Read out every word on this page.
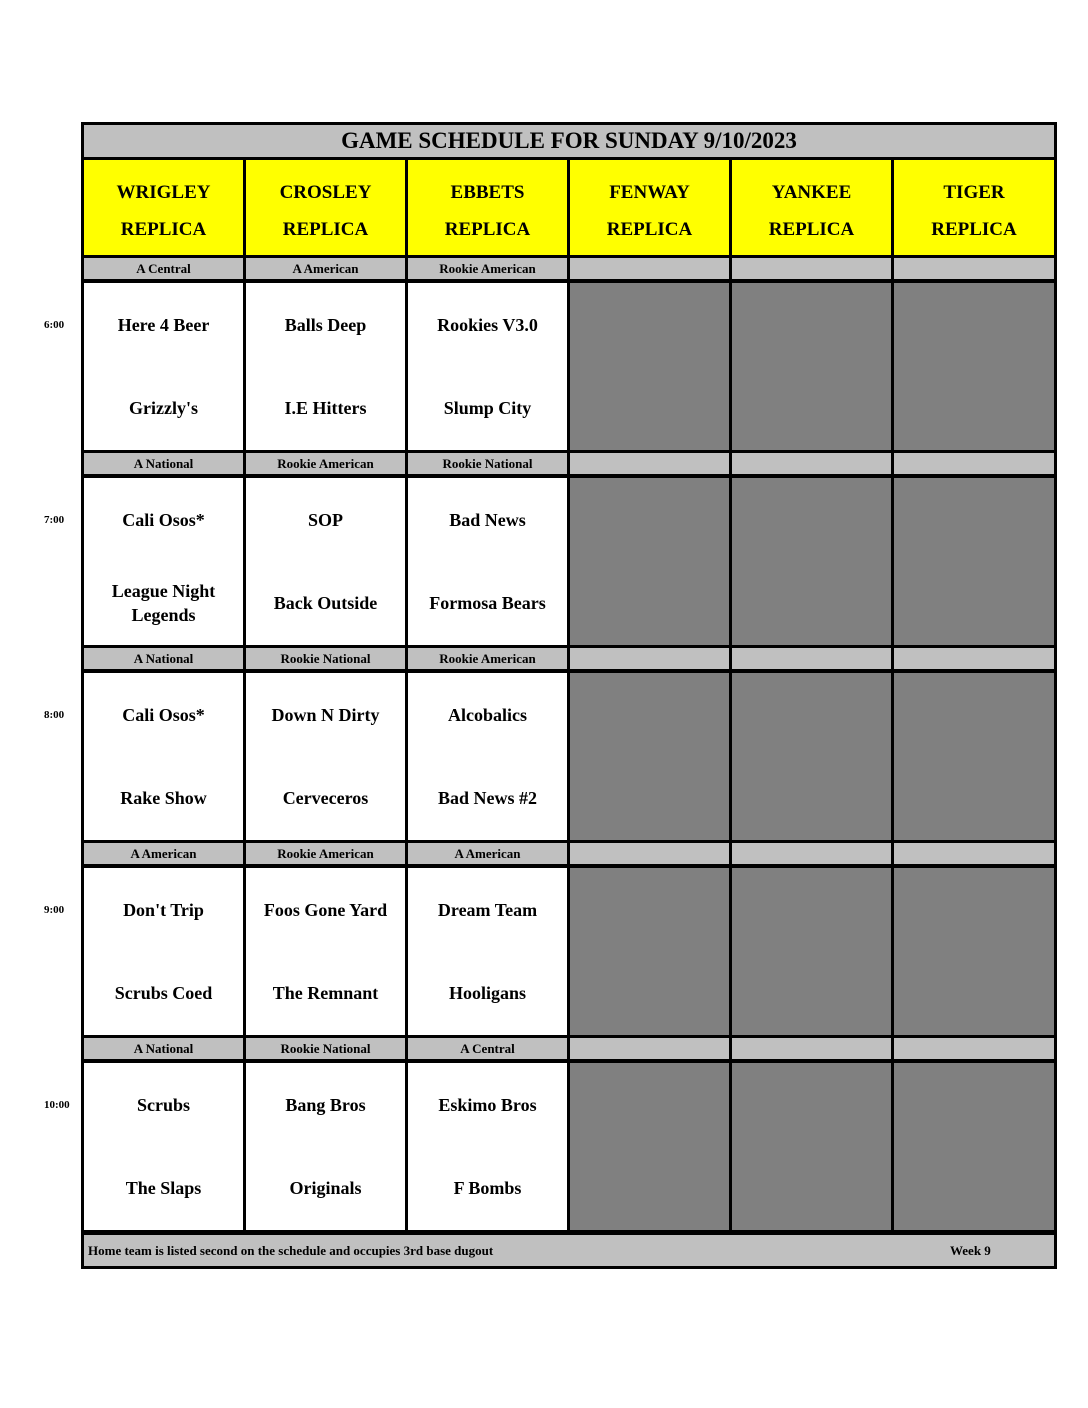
GAME SCHEDULE FOR SUNDAY 9/10/2023
Home team is listed second on the schedule and occupies 3rd base dugout	Week 9
WRIGLEY
REPLICA
CROSLEY
REPLICA
EBBETS
REPLICA
FENWAY
REPLICA
YANKEE
REPLICA
TIGER
REPLICA
A Central
Here 4 Beer
Grizzly's
A American
Balls Deep
I.E Hitters
Rookie American
Rookies V3.0
Slump City
A National
Cali Osos*
League Night Legends
Rookie American
SOP
Back Outside
Rookie National
Bad News
Formosa Bears
A National
Cali Osos*
Rake Show
Rookie National
Down N Dirty
Cerveceros
Rookie American
Alcobalics
Bad News #2
A American
Don't Trip
Scrubs Coed
Rookie American
Foos Gone Yard
The Remnant
A American
Dream Team
Hooligans
A National
Scrubs
The Slaps
Rookie National
Bang Bros
Originals
A Central
Eskimo Bros
F Bombs
6:00
7:00
8:00
9:00
10:00
